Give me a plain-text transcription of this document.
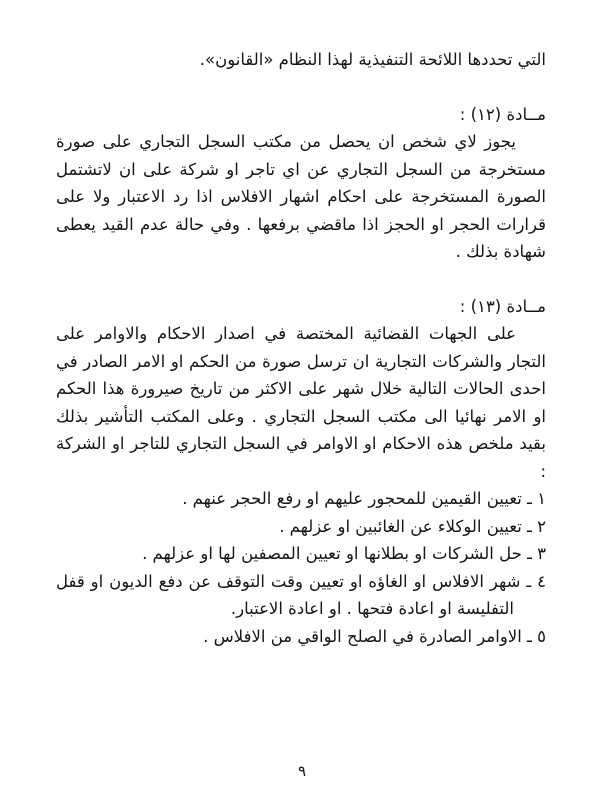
التي تحددها اللائحة التنفيذية لهذا النظام «القانون».

مــادة (١٢) :

يجوز لاي شخص ان يحصل من مكتب السجل التجاري على صورة مستخرجة من السجل التجاري عن اي تاجر او شركة على ان لاتشتمل الصورة المستخرجة على احكام اشهار الافلاس اذا رد الاعتبار ولا على قرارات الحجر او الحجز اذا ماقضي برفعها . وفي حالة عدم القيد يعطى شهادة بذلك .

مــادة (١٣) :

على الجهات القضائية المختصة في اصدار الاحكام والاوامر على التجار والشركات التجارية ان ترسل صورة من الحكم او الامر الصادر في احدى الحالات التالية خلال شهر على الاكثر من تاريخ صيرورة هذا الحكم او الامر نهائيا الى مكتب السجل التجاري . وعلى المكتب التأشير بذلك بقيد ملخص هذه الاحكام او الاوامر في السجل التجاري للتاجر او الشركة :

١ ـ تعيين القيمين للمحجور عليهم او رفع الحجر عنهم .

٢ ـ تعيين الوكلاء عن الغائبين او عزلهم .

٣ ـ حل الشركات او بطلانها او تعيين المصفين لها او عزلهم .

٤ ـ شهر الافلاس او الغاؤه او تعيين وقت التوقف عن دفع الديون او قفل التفليسة او اعادة فتحها . او اعادة الاعتبار.

٥ ـ الاوامر الصادرة في الصلح الواقي من الافلاس .

٩
